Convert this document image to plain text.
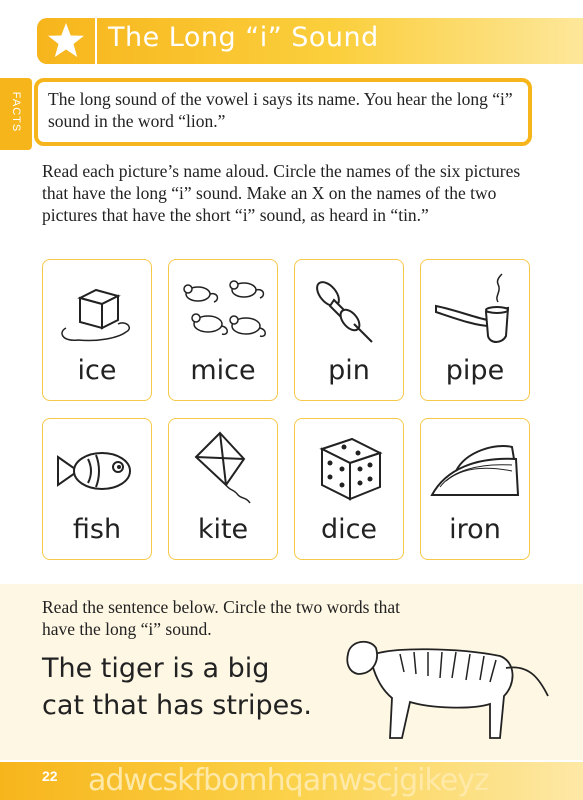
The Long “i” Sound
FACTS The long sound of the vowel i says its name. You hear the long “i” sound in the word “lion.”
Read each picture’s name aloud. Circle the names of the six pictures that have the long “i” sound. Make an X on the names of the two pictures that have the short “i” sound, as heard in “tin.”
ice	mice	pin	pipe
fish	kite	dice	iron
Read the sentence below. Circle the two words that have the long “i” sound.
The tiger is a big
cat that has stripes.
22 adwcskfbomhqanwscjgikeyz
